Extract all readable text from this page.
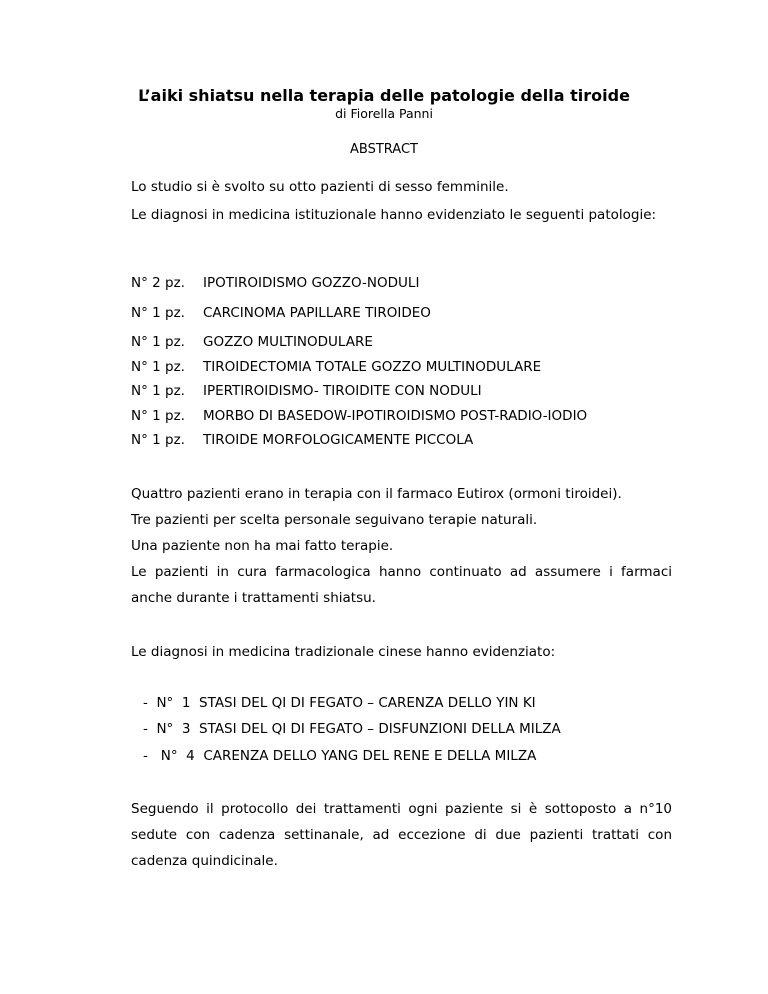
L’aiki shiatsu nella terapia delle patologie della tiroide
di Fiorella Panni
ABSTRACT
Lo studio si è svolto su otto pazienti di sesso femminile.
Le diagnosi in medicina istituzionale hanno evidenziato le seguenti patologie:
N° 2 pz. IPOTIROIDISMO GOZZO-NODULI
N° 1 pz. CARCINOMA PAPILLARE TIROIDEO
N° 1 pz. GOZZO MULTINODULARE
N° 1 pz. TIROIDECTOMIA TOTALE GOZZO MULTINODULARE
N° 1 pz. IPERTIROIDISMO- TIROIDITE CON NODULI
N° 1 pz. MORBO DI BASEDOW-IPOTIROIDISMO POST-RADIO-IODIO
N° 1 pz. TIROIDE MORFOLOGICAMENTE PICCOLA
Quattro pazienti erano in terapia con il farmaco Eutirox (ormoni tiroidei).
Tre pazienti per scelta personale seguivano terapie naturali.
Una paziente non ha mai fatto terapie.
Le pazienti in cura farmacologica hanno continuato ad assumere i farmaci anche durante i trattamenti shiatsu.
Le diagnosi in medicina tradizionale cinese hanno evidenziato:
-  N°  1  STASI DEL QI DI FEGATO – CARENZA DELLO YIN KI
-  N°  3  STASI DEL QI DI FEGATO – DISFUNZIONI DELLA MILZA
-   N°  4  CARENZA DELLO YANG DEL RENE E DELLA MILZA
Seguendo il protocollo dei trattamenti ogni paziente si è sottoposto a n°10 sedute con cadenza settinanale, ad eccezione di due pazienti trattati con cadenza quindicinale.
